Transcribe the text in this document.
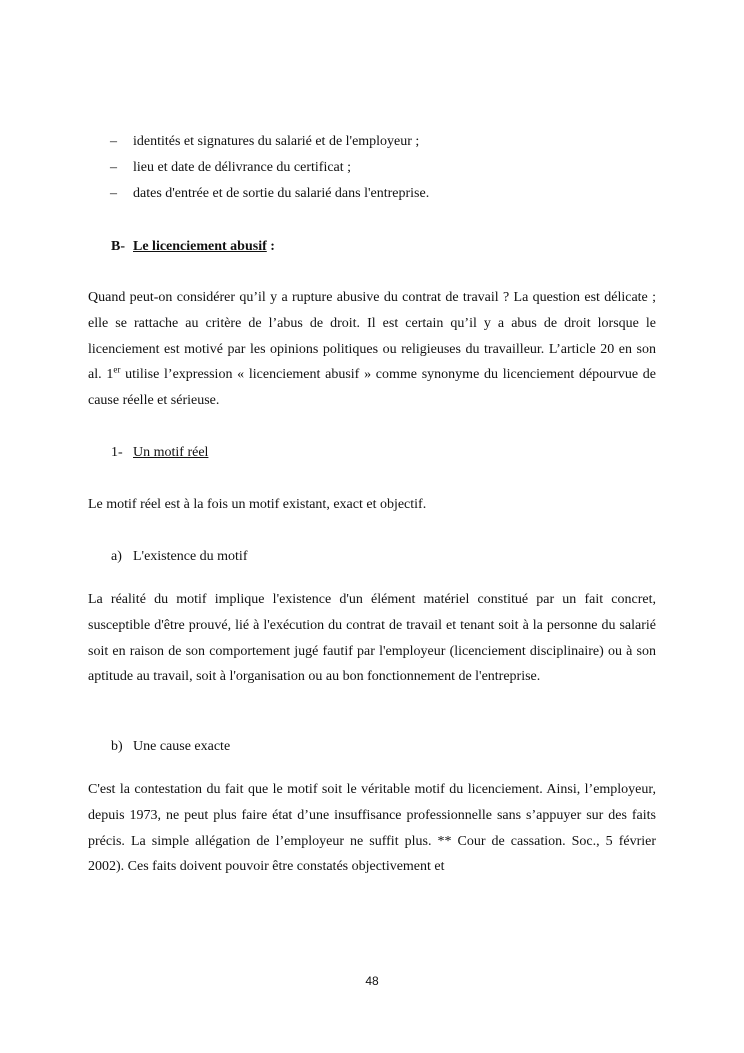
– identités et signatures du salarié et de l'employeur ;
– lieu et date de délivrance du certificat ;
– dates d'entrée et de sortie du salarié dans l'entreprise.
B- Le licenciement abusif :

Quand peut-on considérer qu’il y a rupture abusive du contrat de travail ? La question est délicate ; elle se rattache au critère de l’abus de droit. Il est certain qu’il y a abus de droit lorsque le licenciement est motivé par les opinions politiques ou religieuses du travailleur. L’article 20 en son al. 1er utilise l’expression « licenciement abusif » comme synonyme du licenciement dépourvue de cause réelle et sérieuse.

1- Un motif réel

Le motif réel est à la fois un motif existant, exact et objectif.

a) L'existence du motif

La réalité du motif implique l'existence d'un élément matériel constitué par un fait concret, susceptible d'être prouvé, lié à l'exécution du contrat de travail et tenant soit à la personne du salarié soit en raison de son comportement jugé fautif par l'employeur (licenciement disciplinaire) ou à son aptitude au travail, soit à l'organisation ou au bon fonctionnement de l'entreprise.

b) Une cause exacte

C'est la contestation du fait que le motif soit le véritable motif du licenciement. Ainsi, l’employeur, depuis 1973, ne peut plus faire état d’une insuffisance professionnelle sans s’appuyer sur des faits précis. La simple allégation de l’employeur ne suffit plus. ** Cour de cassation. Soc., 5 février 2002). Ces faits doivent pouvoir être constatés objectivement et

48
